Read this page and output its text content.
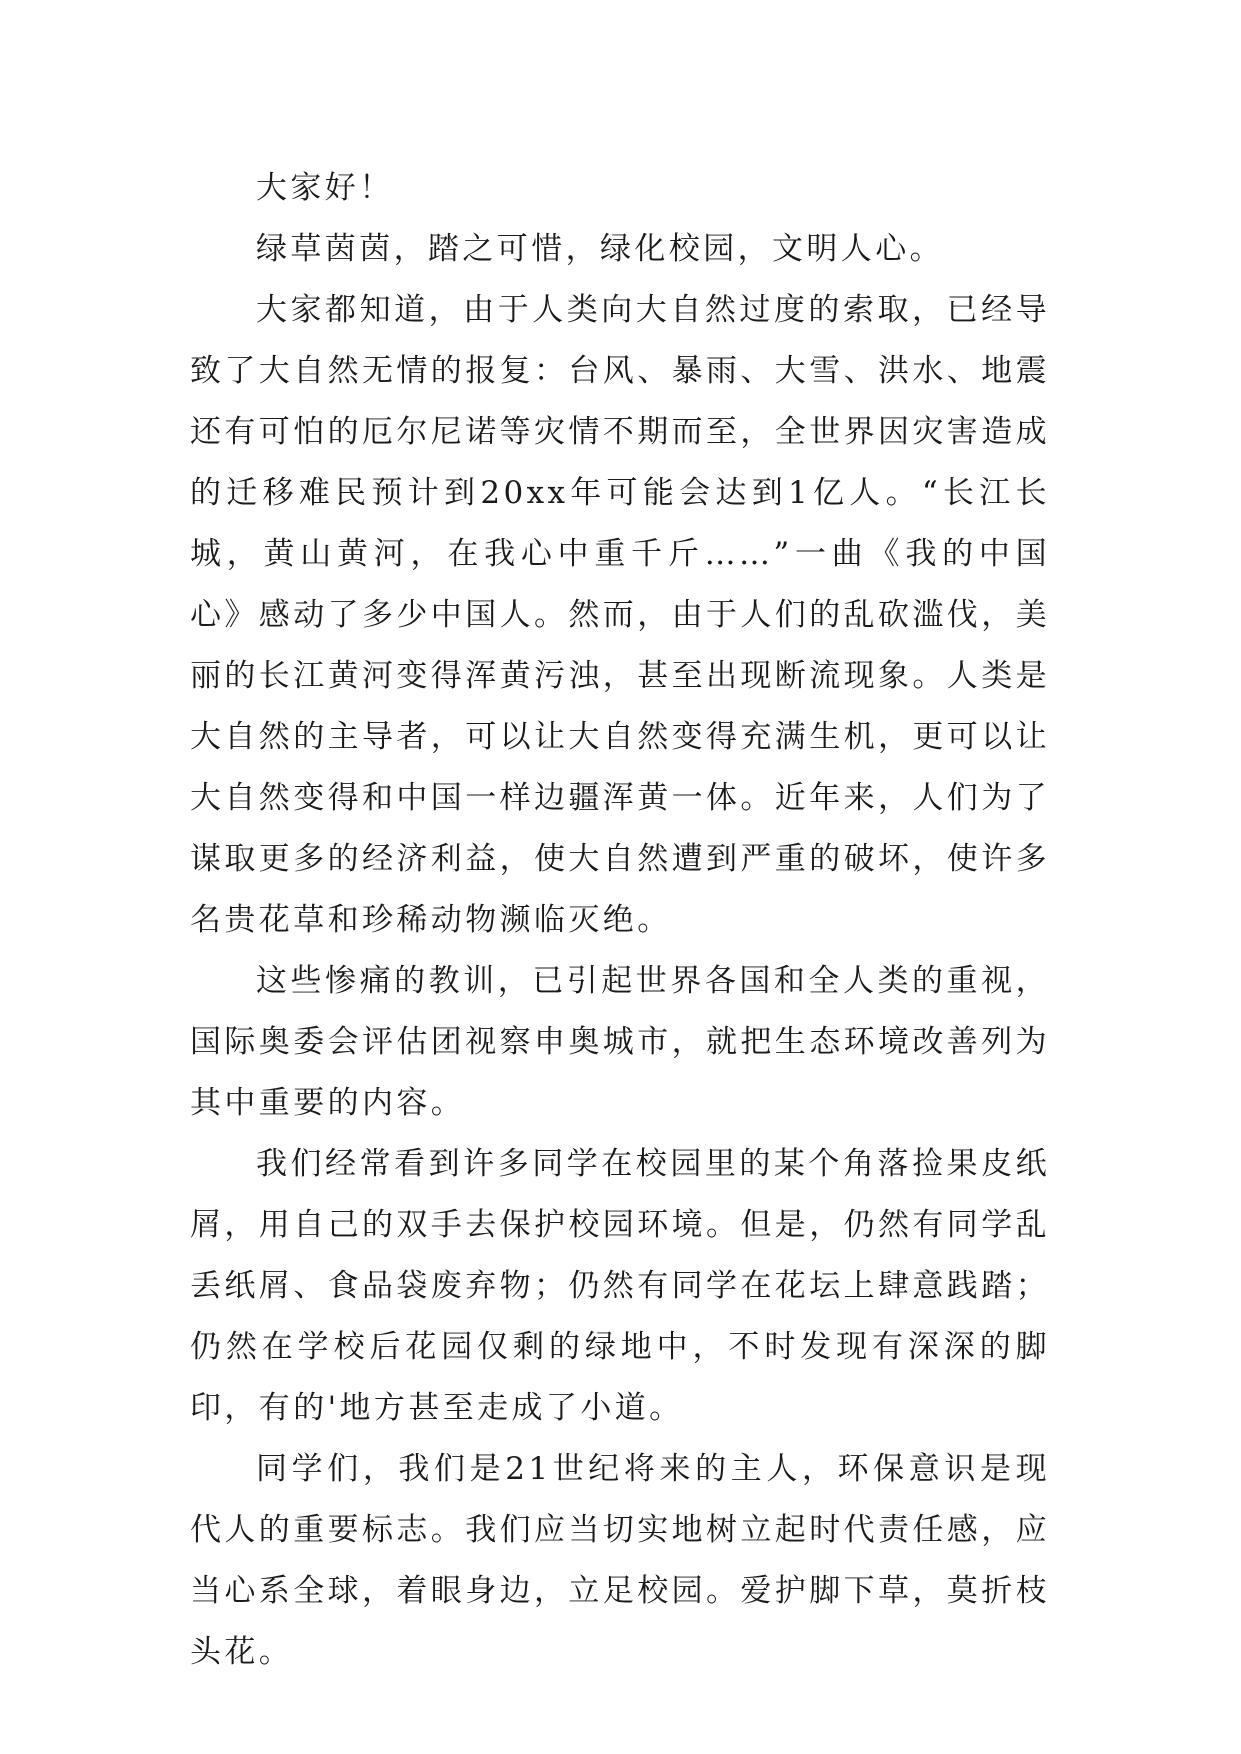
大家好！

绿草茵茵，踏之可惜，绿化校园，文明人心。

大家都知道，由于人类向大自然过度的索取，已经导致了大自然无情的报复：台风、暴雨、大雪、洪水、地震还有可怕的厄尔尼诺等灾情不期而至，全世界因灾害造成的迁移难民预计到20xx年可能会达到1亿人。“长江长城，黄山黄河，在我心中重千斤……”一曲《我的中国心》感动了多少中国人。然而，由于人们的乱砍滥伐，美丽的长江黄河变得浑黄污浊，甚至出现断流现象。人类是大自然的主导者，可以让大自然变得充满生机，更可以让大自然变得和中国一样边疆浑黄一体。近年来，人们为了谋取更多的经济利益，使大自然遭到严重的破坏，使许多名贵花草和珍稀动物濒临灭绝。

这些惨痛的教训，已引起世界各国和全人类的重视，国际奥委会评估团视察申奥城市，就把生态环境改善列为其中重要的内容。

我们经常看到许多同学在校园里的某个角落捡果皮纸屑，用自己的双手去保护校园环境。但是，仍然有同学乱丢纸屑、食品袋废弃物；仍然有同学在花坛上肆意践踏；仍然在学校后花园仅剩的绿地中，不时发现有深深的脚印，有的'地方甚至走成了小道。

同学们，我们是21世纪将来的主人，环保意识是现代人的重要标志。我们应当切实地树立起时代责任感，应当心系全球，着眼身边，立足校园。爱护脚下草，莫折枝头花。
